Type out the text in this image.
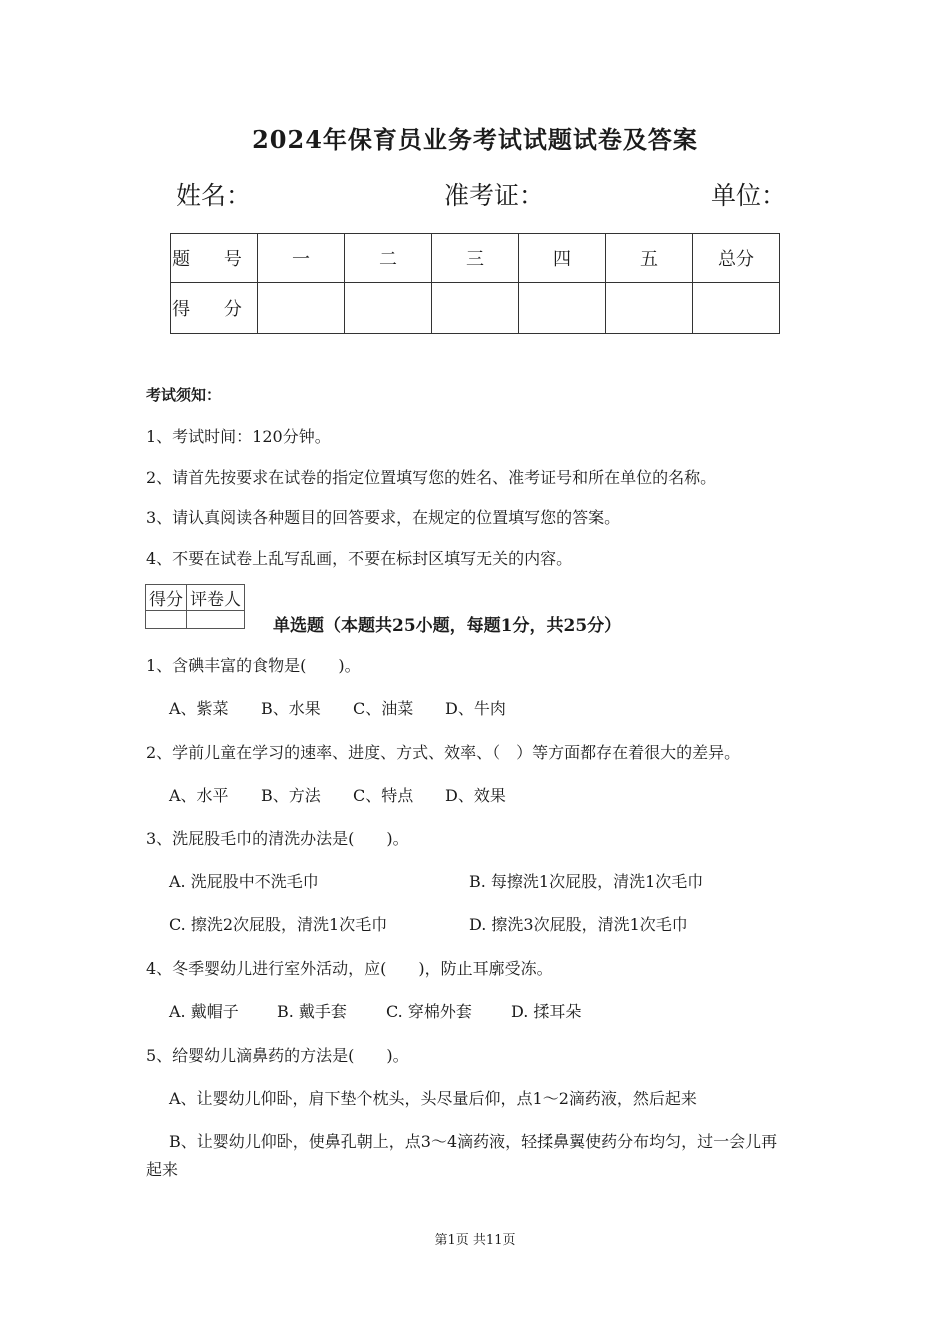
2024年保育员业务考试试题试卷及答案
姓名：	准考证：	单位：
题 号	一	二	三	四	五	总分
得 分						
考试须知：
1、考试时间：120分钟。
2、请首先按要求在试卷的指定位置填写您的姓名、准考证号和所在单位的名称。
3、请认真阅读各种题目的回答要求，在规定的位置填写您的答案。
4、不要在试卷上乱写乱画，不要在标封区填写无关的内容。
得分	评卷人

单选题（本题共25小题，每题1分，共25分）
1、含碘丰富的食物是(　　)。
A、紫菜 B、水果 C、油菜 D、牛肉
2、学前儿童在学习的速率、进度、方式、效率、（　）等方面都存在着很大的差异。
A、水平 B、方法 C、特点 D、效果
3、洗屁股毛巾的清洗办法是(　　)。
A. 洗屁股中不洗毛巾	B. 每擦洗1次屁股，清洗1次毛巾
C. 擦洗2次屁股，清洗1次毛巾	D. 擦洗3次屁股，清洗1次毛巾
4、冬季婴幼儿进行室外活动，应(　　)，防止耳廓受冻。
A. 戴帽子 B. 戴手套 C. 穿棉外套 D. 揉耳朵
5、给婴幼儿滴鼻药的方法是(　　)。
A、让婴幼儿仰卧，肩下垫个枕头，头尽量后仰，点1～2滴药液，然后起来
B、让婴幼儿仰卧，使鼻孔朝上，点3～4滴药液，轻揉鼻翼使药分布均匀，过一会儿再
起来
第1页 共11页
